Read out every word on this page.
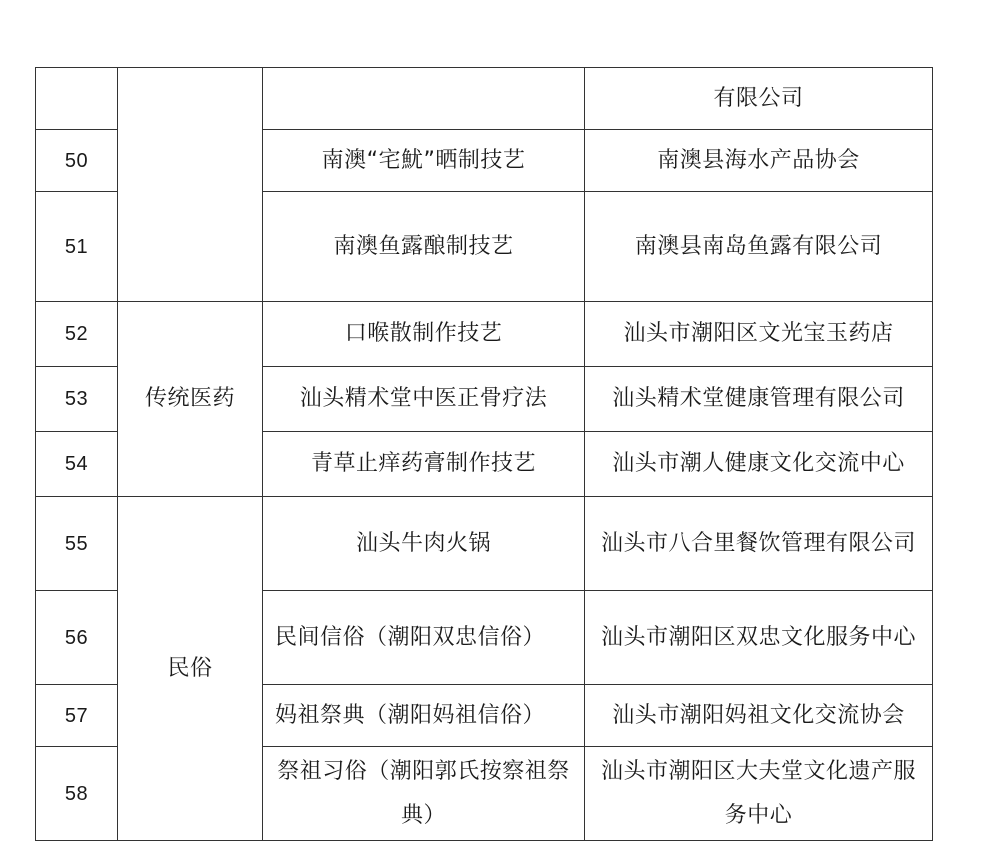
			有限公司
50		南澳“宅魷”晒制技艺	南澳县海水产品协会
51		南澳鱼露酿制技艺	南澳县南岛鱼露有限公司
52	传统医药	口喉散制作技艺	汕头市潮阳区文光宝玉药店
53		汕头精术堂中医正骨疗法	汕头精术堂健康管理有限公司
54		青草止痒药膏制作技艺	汕头市潮人健康文化交流中心
55	民俗	汕头牛肉火锅	汕头市八合里餐饮管理有限公司
56		民间信俗（潮阳双忠信俗）	汕头市潮阳区双忠文化服务中心
57		妈祖祭典（潮阳妈祖信俗）	汕头市潮阳妈祖文化交流协会
58		祭祖习俗（潮阳郭氏按察祖祭典）	汕头市潮阳区大夫堂文化遗产服务中心
